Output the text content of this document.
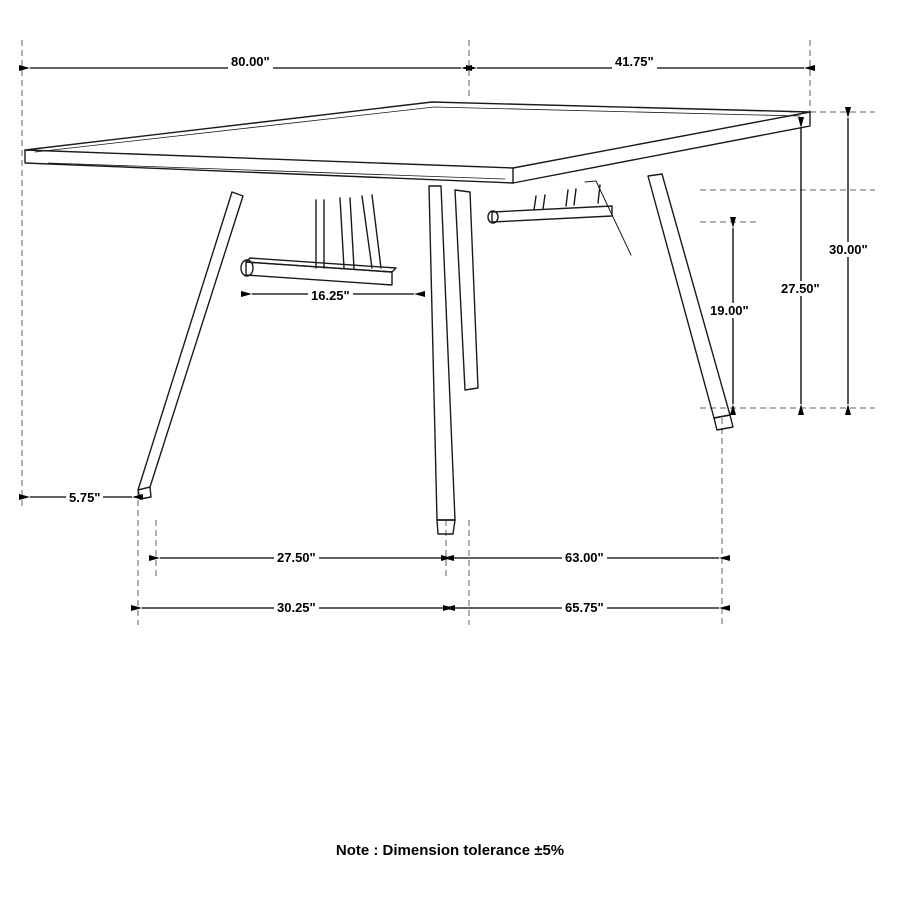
80.00"	41.75"
16.25"
30.00"
27.50"
19.00"
5.75"
27.50"	63.00"
30.25"	65.75"
Note : Dimension tolerance ±5%
